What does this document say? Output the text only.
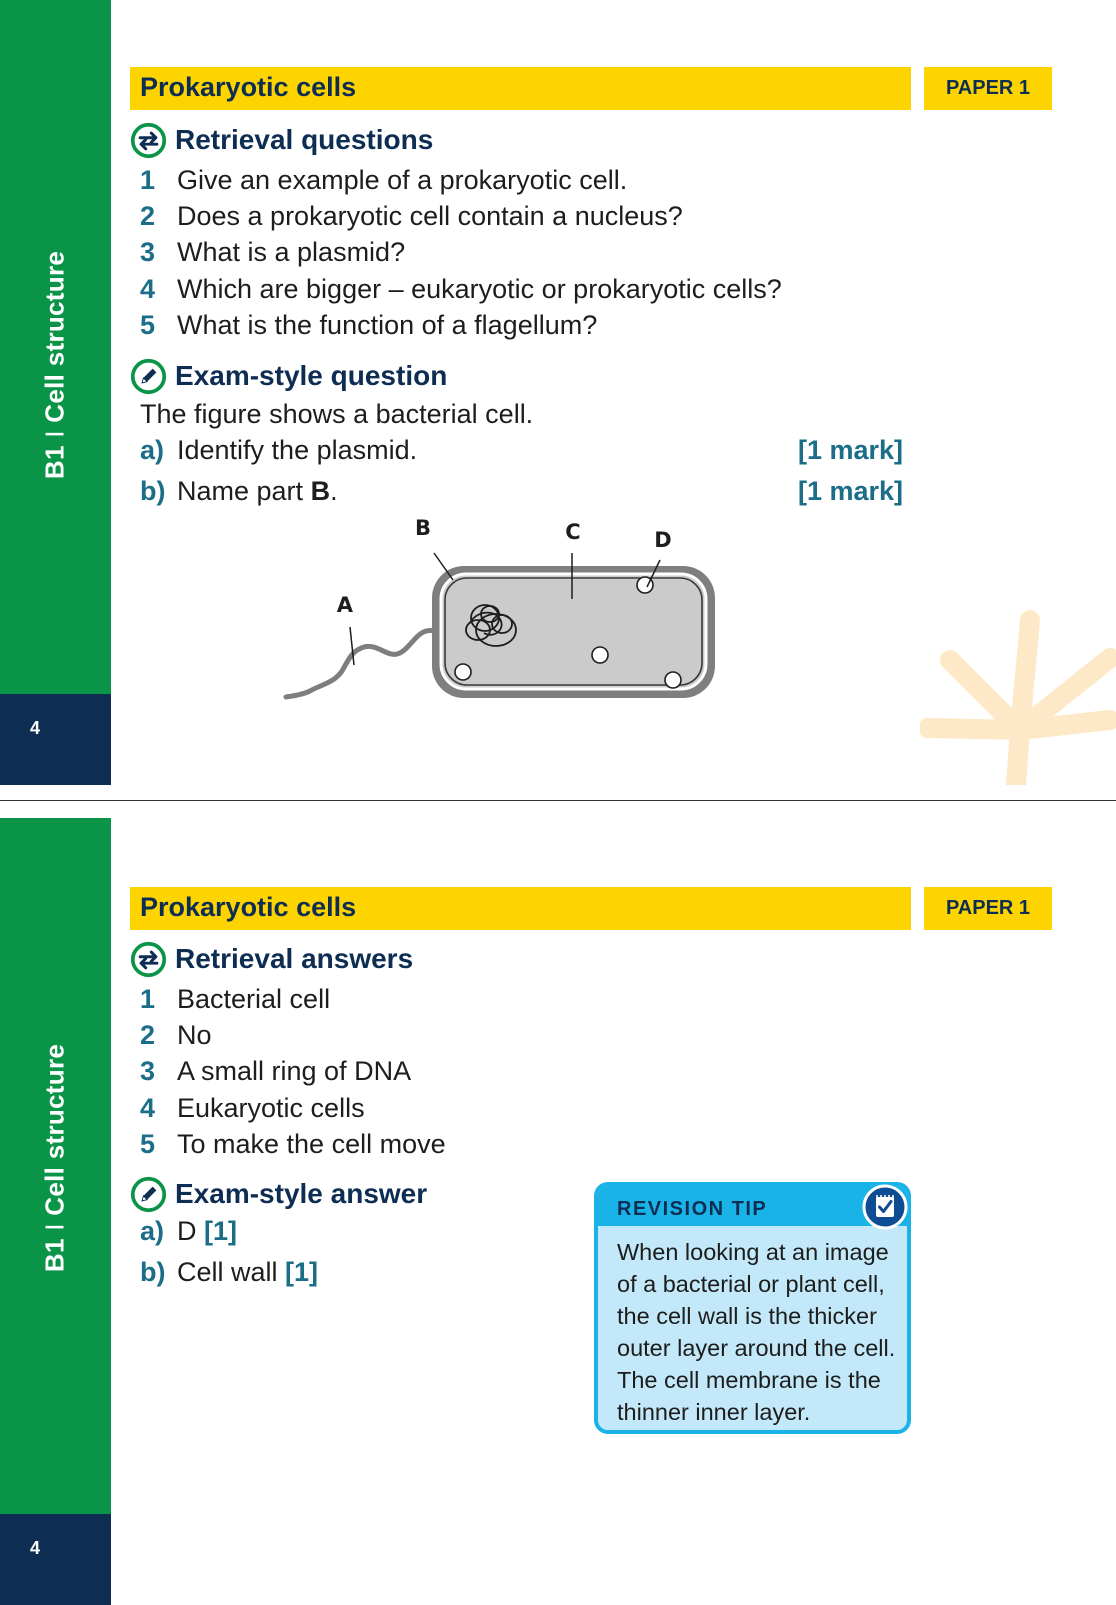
B1 I Cell structure
4
Prokaryotic cells	PAPER 1
Retrieval questions
1 Give an example of a prokaryotic cell.
2 Does a prokaryotic cell contain a nucleus?
3 What is a plasmid?
4 Which are bigger – eukaryotic or prokaryotic cells?
5 What is the function of a flagellum?
Exam-style question
The figure shows a bacterial cell.
a) Identify the plasmid.	[1 mark]
b) Name part B.	[1 mark]
B	C	D
A
B1 I Cell structure
4
Prokaryotic cells	PAPER 1
Retrieval answers
1 Bacterial cell
2 No
3 A small ring of DNA
4 Eukaryotic cells
5 To make the cell move
Exam-style answer
a) D [1]
b) Cell wall [1]
REVISION TIP
When looking at an image of a bacterial or plant cell, the cell wall is the thicker outer layer around the cell. The cell membrane is the thinner inner layer.
